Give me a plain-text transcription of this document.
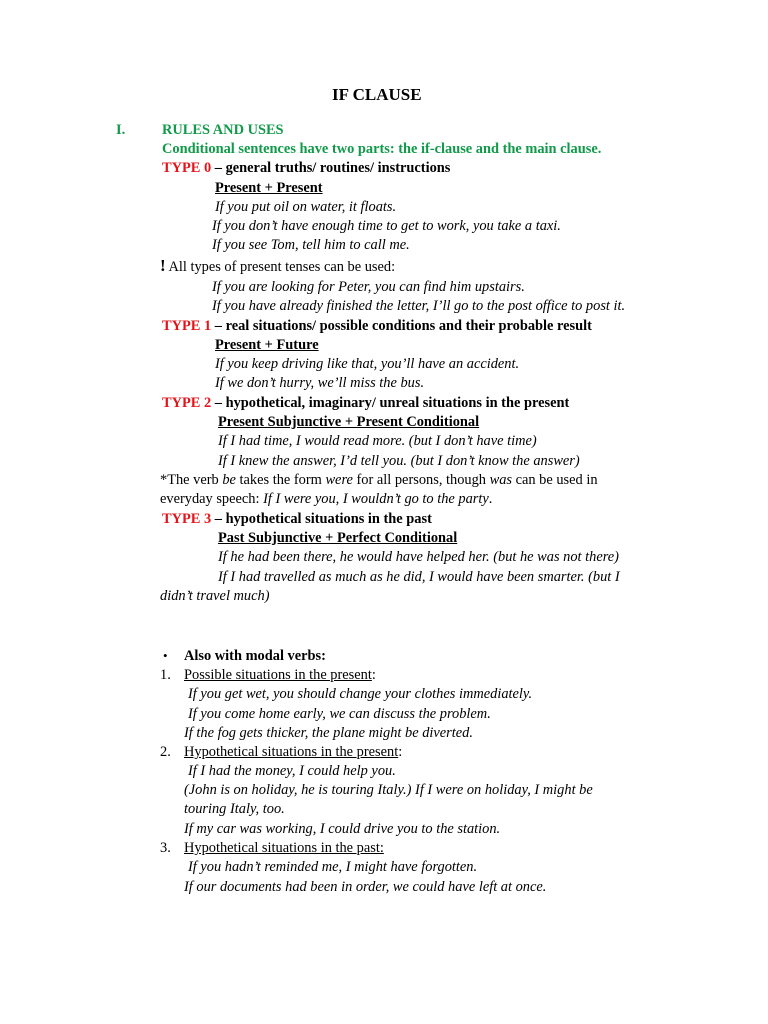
IF CLAUSE
I.	RULES AND USES
Conditional sentences have two parts: the if-clause and the main clause.
TYPE 0 – general truths/ routines/ instructions
Present + Present
If you put oil on water, it floats.
If you don’t have enough time to get to work, you take a taxi.
If you see Tom, tell him to call me.
! All types of present tenses can be used:
If you are looking for Peter, you can find him upstairs.
If you have already finished the letter, I’ll go to the post office to post it.
TYPE 1 – real situations/ possible conditions and their probable result
Present + Future
If you keep driving like that, you’ll have an accident.
If we don’t hurry, we’ll miss the bus.
TYPE 2 – hypothetical, imaginary/ unreal situations in the present
Present Subjunctive + Present Conditional
If I had time, I would read more. (but I don’t have time)
If I knew the answer, I’d tell you. (but I don’t know the answer)
*The verb be takes the form were for all persons, though was can be used in
everyday speech: If I were you, I wouldn’t go to the party.
TYPE 3 – hypothetical situations in the past
Past Subjunctive + Perfect Conditional
If he had been there, he would have helped her. (but he was not there)
If I had travelled as much as he did, I would have been smarter. (but I
didn’t travel much)
• Also with modal verbs:
1. Possible situations in the present:
If you get wet, you should change your clothes immediately.
If you come home early, we can discuss the problem.
If the fog gets thicker, the plane might be diverted.
2. Hypothetical situations in the present:
If I had the money, I could help you.
(John is on holiday, he is touring Italy.) If I were on holiday, I might be
touring Italy, too.
If my car was working, I could drive you to the station.
3. Hypothetical situations in the past:
If you hadn’t reminded me, I might have forgotten.
If our documents had been in order, we could have left at once.
